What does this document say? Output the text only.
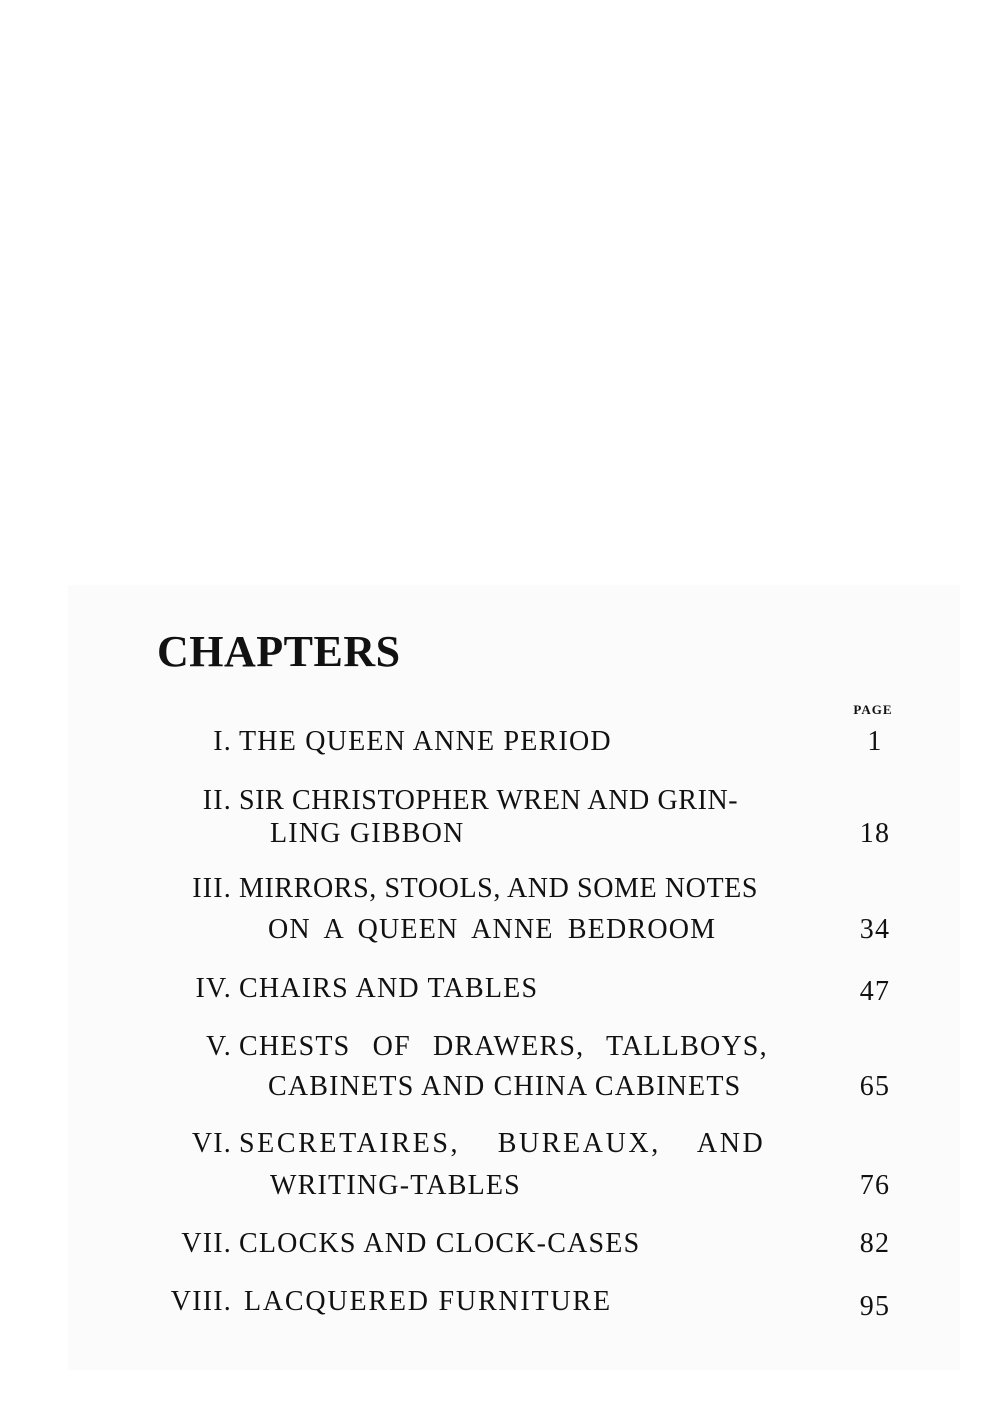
CHAPTERS
PAGE
I. THE QUEEN ANNE PERIOD	1
II. SIR CHRISTOPHER WREN AND GRIN-
LING GIBBON	18
III. MIRRORS, STOOLS, AND SOME NOTES
ON A QUEEN ANNE BEDROOM	34
IV. CHAIRS AND TABLES	47
V. CHESTS OF DRAWERS, TALLBOYS,
CABINETS AND CHINA CABINETS	65
VI. SECRETAIRES, BUREAUX, AND
WRITING-TABLES	76
VII. CLOCKS AND CLOCK-CASES	82
VIII. LACQUERED FURNITURE	95
